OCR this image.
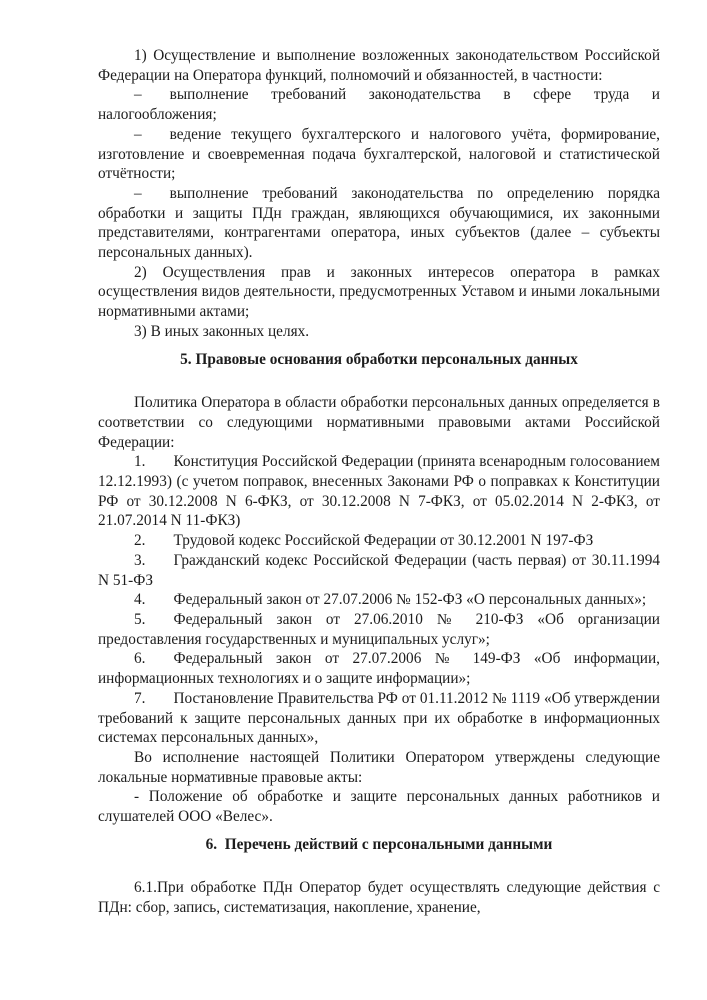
1) Осуществление и выполнение возложенных законодательством Российской Федерации на Оператора функций, полномочий и обязанностей, в частности:

– выполнение требований законодательства в сфере труда и налогообложения;

– ведение текущего бухгалтерского и налогового учёта, формирование, изготовление и своевременная подача бухгалтерской, налоговой и статистической отчётности;

– выполнение требований законодательства по определению порядка обработки и защиты ПДн граждан, являющихся обучающимися, их законными представителями, контрагентами оператора, иных субъектов (далее – субъекты персональных данных).

2) Осуществления прав и законных интересов оператора в рамках осуществления видов деятельности, предусмотренных Уставом и иными локальными нормативными актами;

3) В иных законных целях.

5. Правовые основания обработки персональных данных

Политика Оператора в области обработки персональных данных определяется в соответствии со следующими нормативными правовыми актами Российской Федерации:

1. Конституция Российской Федерации (принята всенародным голосованием 12.12.1993) (с учетом поправок, внесенных Законами РФ о поправках к Конституции РФ от 30.12.2008 N 6-ФКЗ, от 30.12.2008 N 7-ФКЗ, от 05.02.2014 N 2-ФКЗ, от 21.07.2014 N 11-ФКЗ)

2. Трудовой кодекс Российской Федерации от 30.12.2001 N 197-ФЗ

3. Гражданский кодекс Российской Федерации (часть первая) от 30.11.1994 N 51-ФЗ

4. Федеральный закон от 27.07.2006 № 152-ФЗ «О персональных данных»;

5. Федеральный закон от 27.06.2010 № 210-ФЗ «Об организации предоставления государственных и муниципальных услуг»;

6. Федеральный закон от 27.07.2006 № 149-ФЗ «Об информации, информационных технологиях и о защите информации»;

7. Постановление Правительства РФ от 01.11.2012 № 1119 «Об утверждении требований к защите персональных данных при их обработке в информационных системах персональных данных»,

Во исполнение настоящей Политики Оператором утверждены следующие локальные нормативные правовые акты:

- Положение об обработке и защите персональных данных работников и слушателей ООО «Велес».

6.  Перечень действий с персональными данными

6.1.При обработке ПДн Оператор будет осуществлять следующие действия с ПДн: сбор, запись, систематизация, накопление, хранение,
